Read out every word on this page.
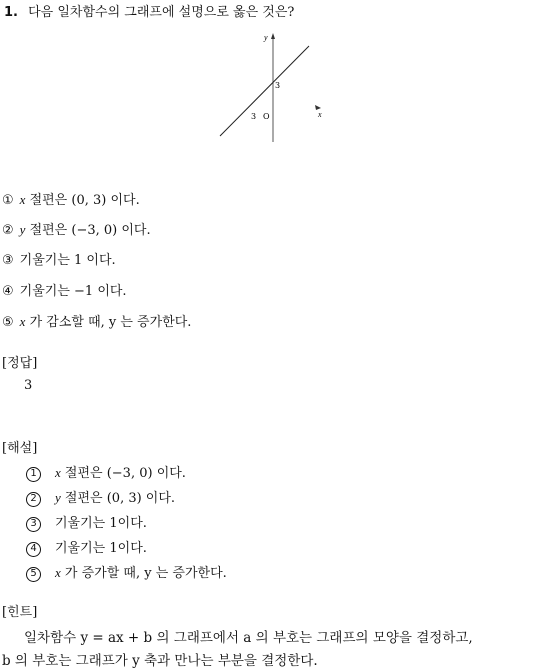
1. 다음 일차함수의 그래프에 설명으로 옳은 것은?
y
x
3
3 O
① x 절편은 (0, 3) 이다.
② y 절편은 (−3, 0) 이다.
③ 기울기는 1 이다.
④ 기울기는 −1 이다.
⑤ x 가 감소할 때, y 는 증가한다.
[정답]
3
[해설]
1 x 절편은 (−3, 0) 이다.
2 y 절편은 (0, 3) 이다.
3 기울기는 1이다.
4 기울기는 1이다.
5 x 가 증가할 때, y 는 증가한다.
[힌트]
일차함수 y = ax + b 의 그래프에서 a 의 부호는 그래프의 모양을 결정하고,
b 의 부호는 그래프가 y 축과 만나는 부분을 결정한다.
